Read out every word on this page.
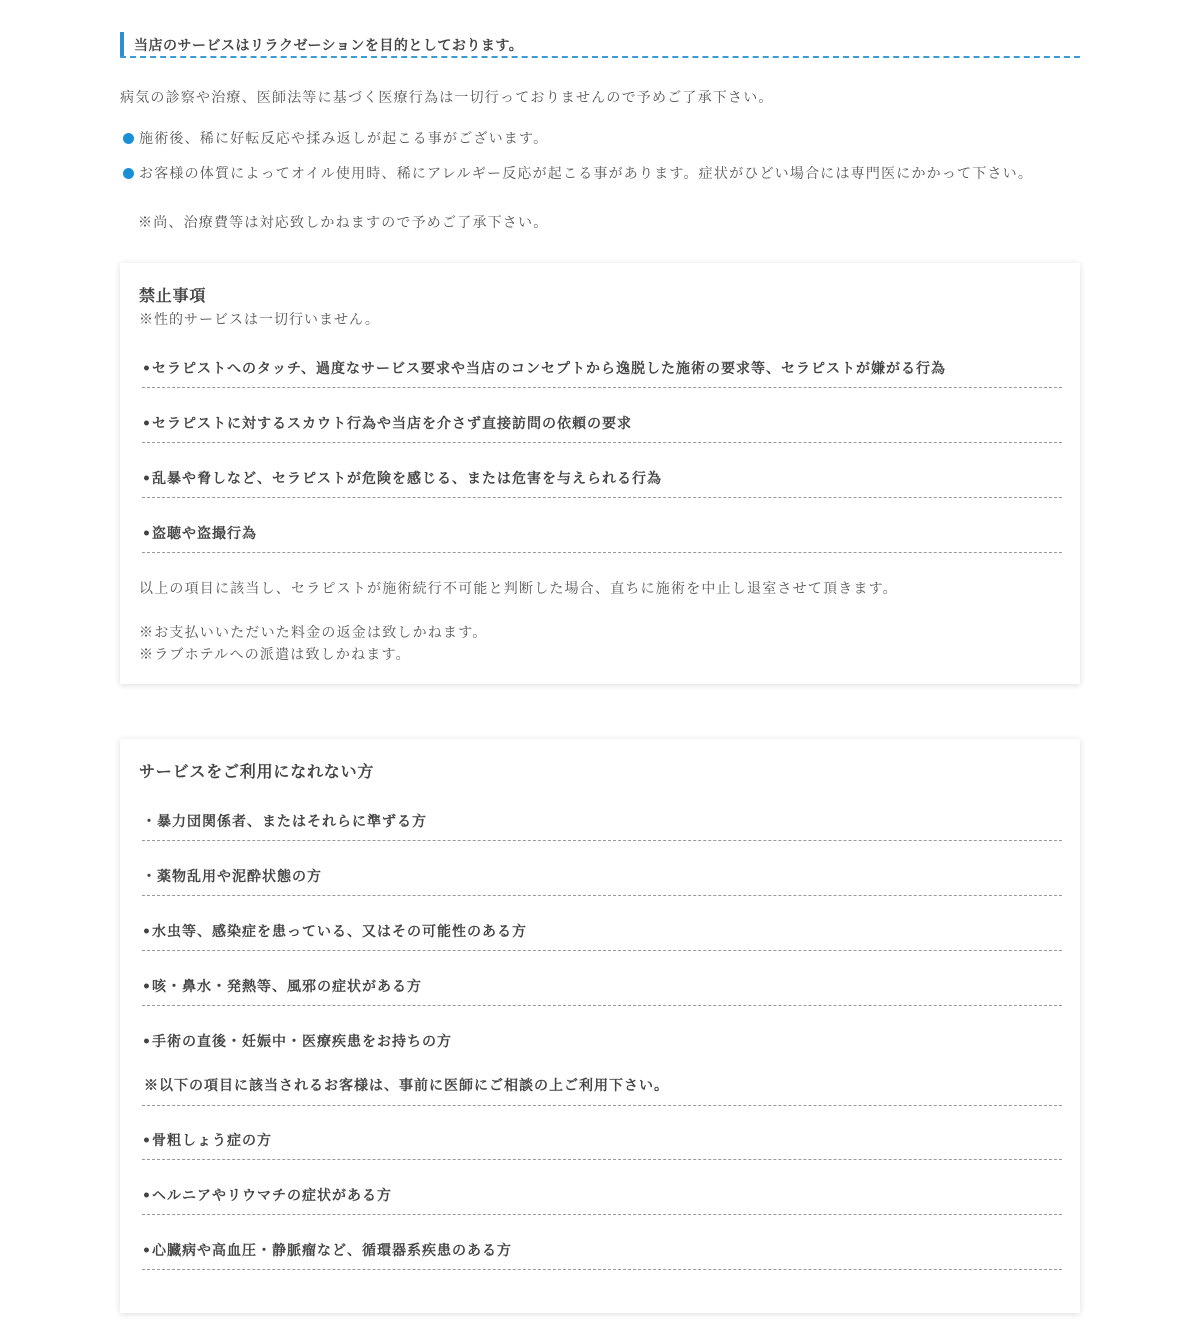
当店のサービスはリラクゼーションを目的としております。
病気の診察や治療、医師法等に基づく医療行為は一切行っておりませんので予めご了承下さい。
施術後、稀に好転反応や揉み返しが起こる事がございます。
お客様の体質によってオイル使用時、稀にアレルギー反応が起こる事があります。症状がひどい場合には専門医にかかって下さい。
※尚、治療費等は対応致しかねますので予めご了承下さい。
禁止事項
※性的サービスは一切行いません。
•セラピストへのタッチ、過度なサービス要求や当店のコンセプトから逸脱した施術の要求等、セラピストが嫌がる行為
•セラピストに対するスカウト行為や当店を介さず直接訪問の依頼の要求
•乱暴や脅しなど、セラピストが危険を感じる、または危害を与えられる行為
•盗聴や盗撮行為
以上の項目に該当し、セラピストが施術続行不可能と判断した場合、直ちに施術を中止し退室させて頂きます。
※お支払いいただいた料金の返金は致しかねます。
※ラブホテルへの派遣は致しかねます。
サービスをご利用になれない方
・暴力団関係者、またはそれらに準ずる方
・薬物乱用や泥酔状態の方
•水虫等、感染症を患っている、又はその可能性のある方
•咳・鼻水・発熱等、風邪の症状がある方
•手術の直後・妊娠中・医療疾患をお持ちの方
※以下の項目に該当されるお客様は、事前に医師にご相談の上ご利用下さい。
•骨粗しょう症の方
•ヘルニアやリウマチの症状がある方
•心臓病や高血圧・静脈瘤など、循環器系疾患のある方
